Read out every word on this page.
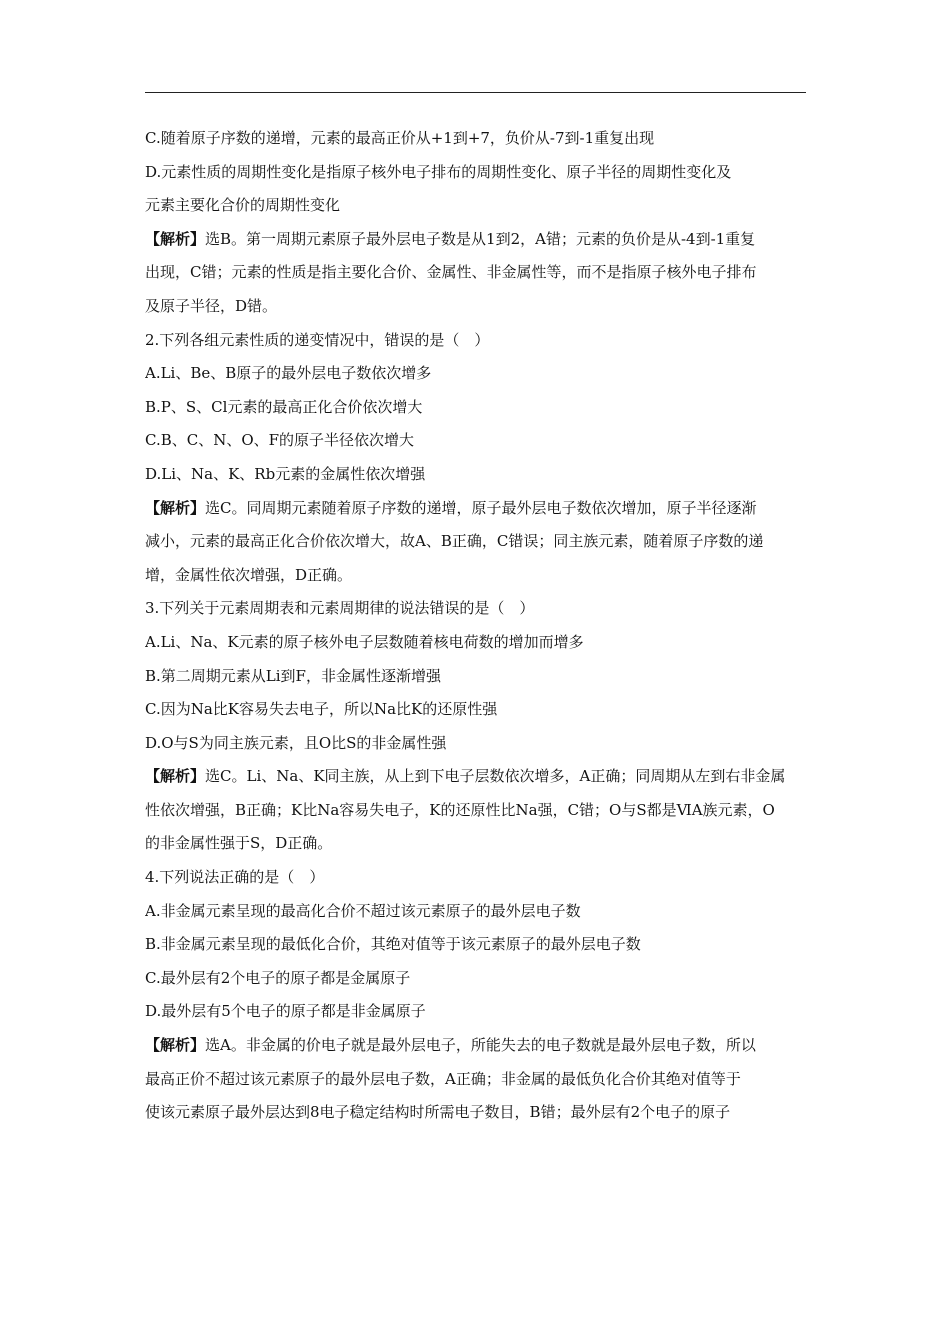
C.随着原子序数的递增，元素的最高正价从+1到+7，负价从-7到-1重复出现
D.元素性质的周期性变化是指原子核外电子排布的周期性变化、原子半径的周期性变化及
元素主要化合价的周期性变化
【解析】选B。第一周期元素原子最外层电子数是从1到2，A错；元素的负价是从-4到-1重复
出现，C错；元素的性质是指主要化合价、金属性、非金属性等，而不是指原子核外电子排布
及原子半径，D错。
2.下列各组元素性质的递变情况中，错误的是（　）
A.Li、Be、B原子的最外层电子数依次增多
B.P、S、Cl元素的最高正化合价依次增大
C.B、C、N、O、F的原子半径依次增大
D.Li、Na、K、Rb元素的金属性依次增强
【解析】选C。同周期元素随着原子序数的递增，原子最外层电子数依次增加，原子半径逐渐
减小，元素的最高正化合价依次增大，故A、B正确，C错误；同主族元素，随着原子序数的递
增，金属性依次增强，D正确。
3.下列关于元素周期表和元素周期律的说法错误的是（　）
A.Li、Na、K元素的原子核外电子层数随着核电荷数的增加而增多
B.第二周期元素从Li到F，非金属性逐渐增强
C.因为Na比K容易失去电子，所以Na比K的还原性强
D.O与S为同主族元素，且O比S的非金属性强
【解析】选C。Li、Na、K同主族，从上到下电子层数依次增多，A正确；同周期从左到右非金属
性依次增强，B正确；K比Na容易失电子，K的还原性比Na强，C错；O与S都是ⅥA族元素，O
的非金属性强于S，D正确。
4.下列说法正确的是（　）
A.非金属元素呈现的最高化合价不超过该元素原子的最外层电子数
B.非金属元素呈现的最低化合价，其绝对值等于该元素原子的最外层电子数
C.最外层有2个电子的原子都是金属原子
D.最外层有5个电子的原子都是非金属原子
【解析】选A。非金属的价电子就是最外层电子，所能失去的电子数就是最外层电子数，所以
最高正价不超过该元素原子的最外层电子数，A正确；非金属的最低负化合价其绝对值等于
使该元素原子最外层达到8电子稳定结构时所需电子数目，B错；最外层有2个电子的原子
